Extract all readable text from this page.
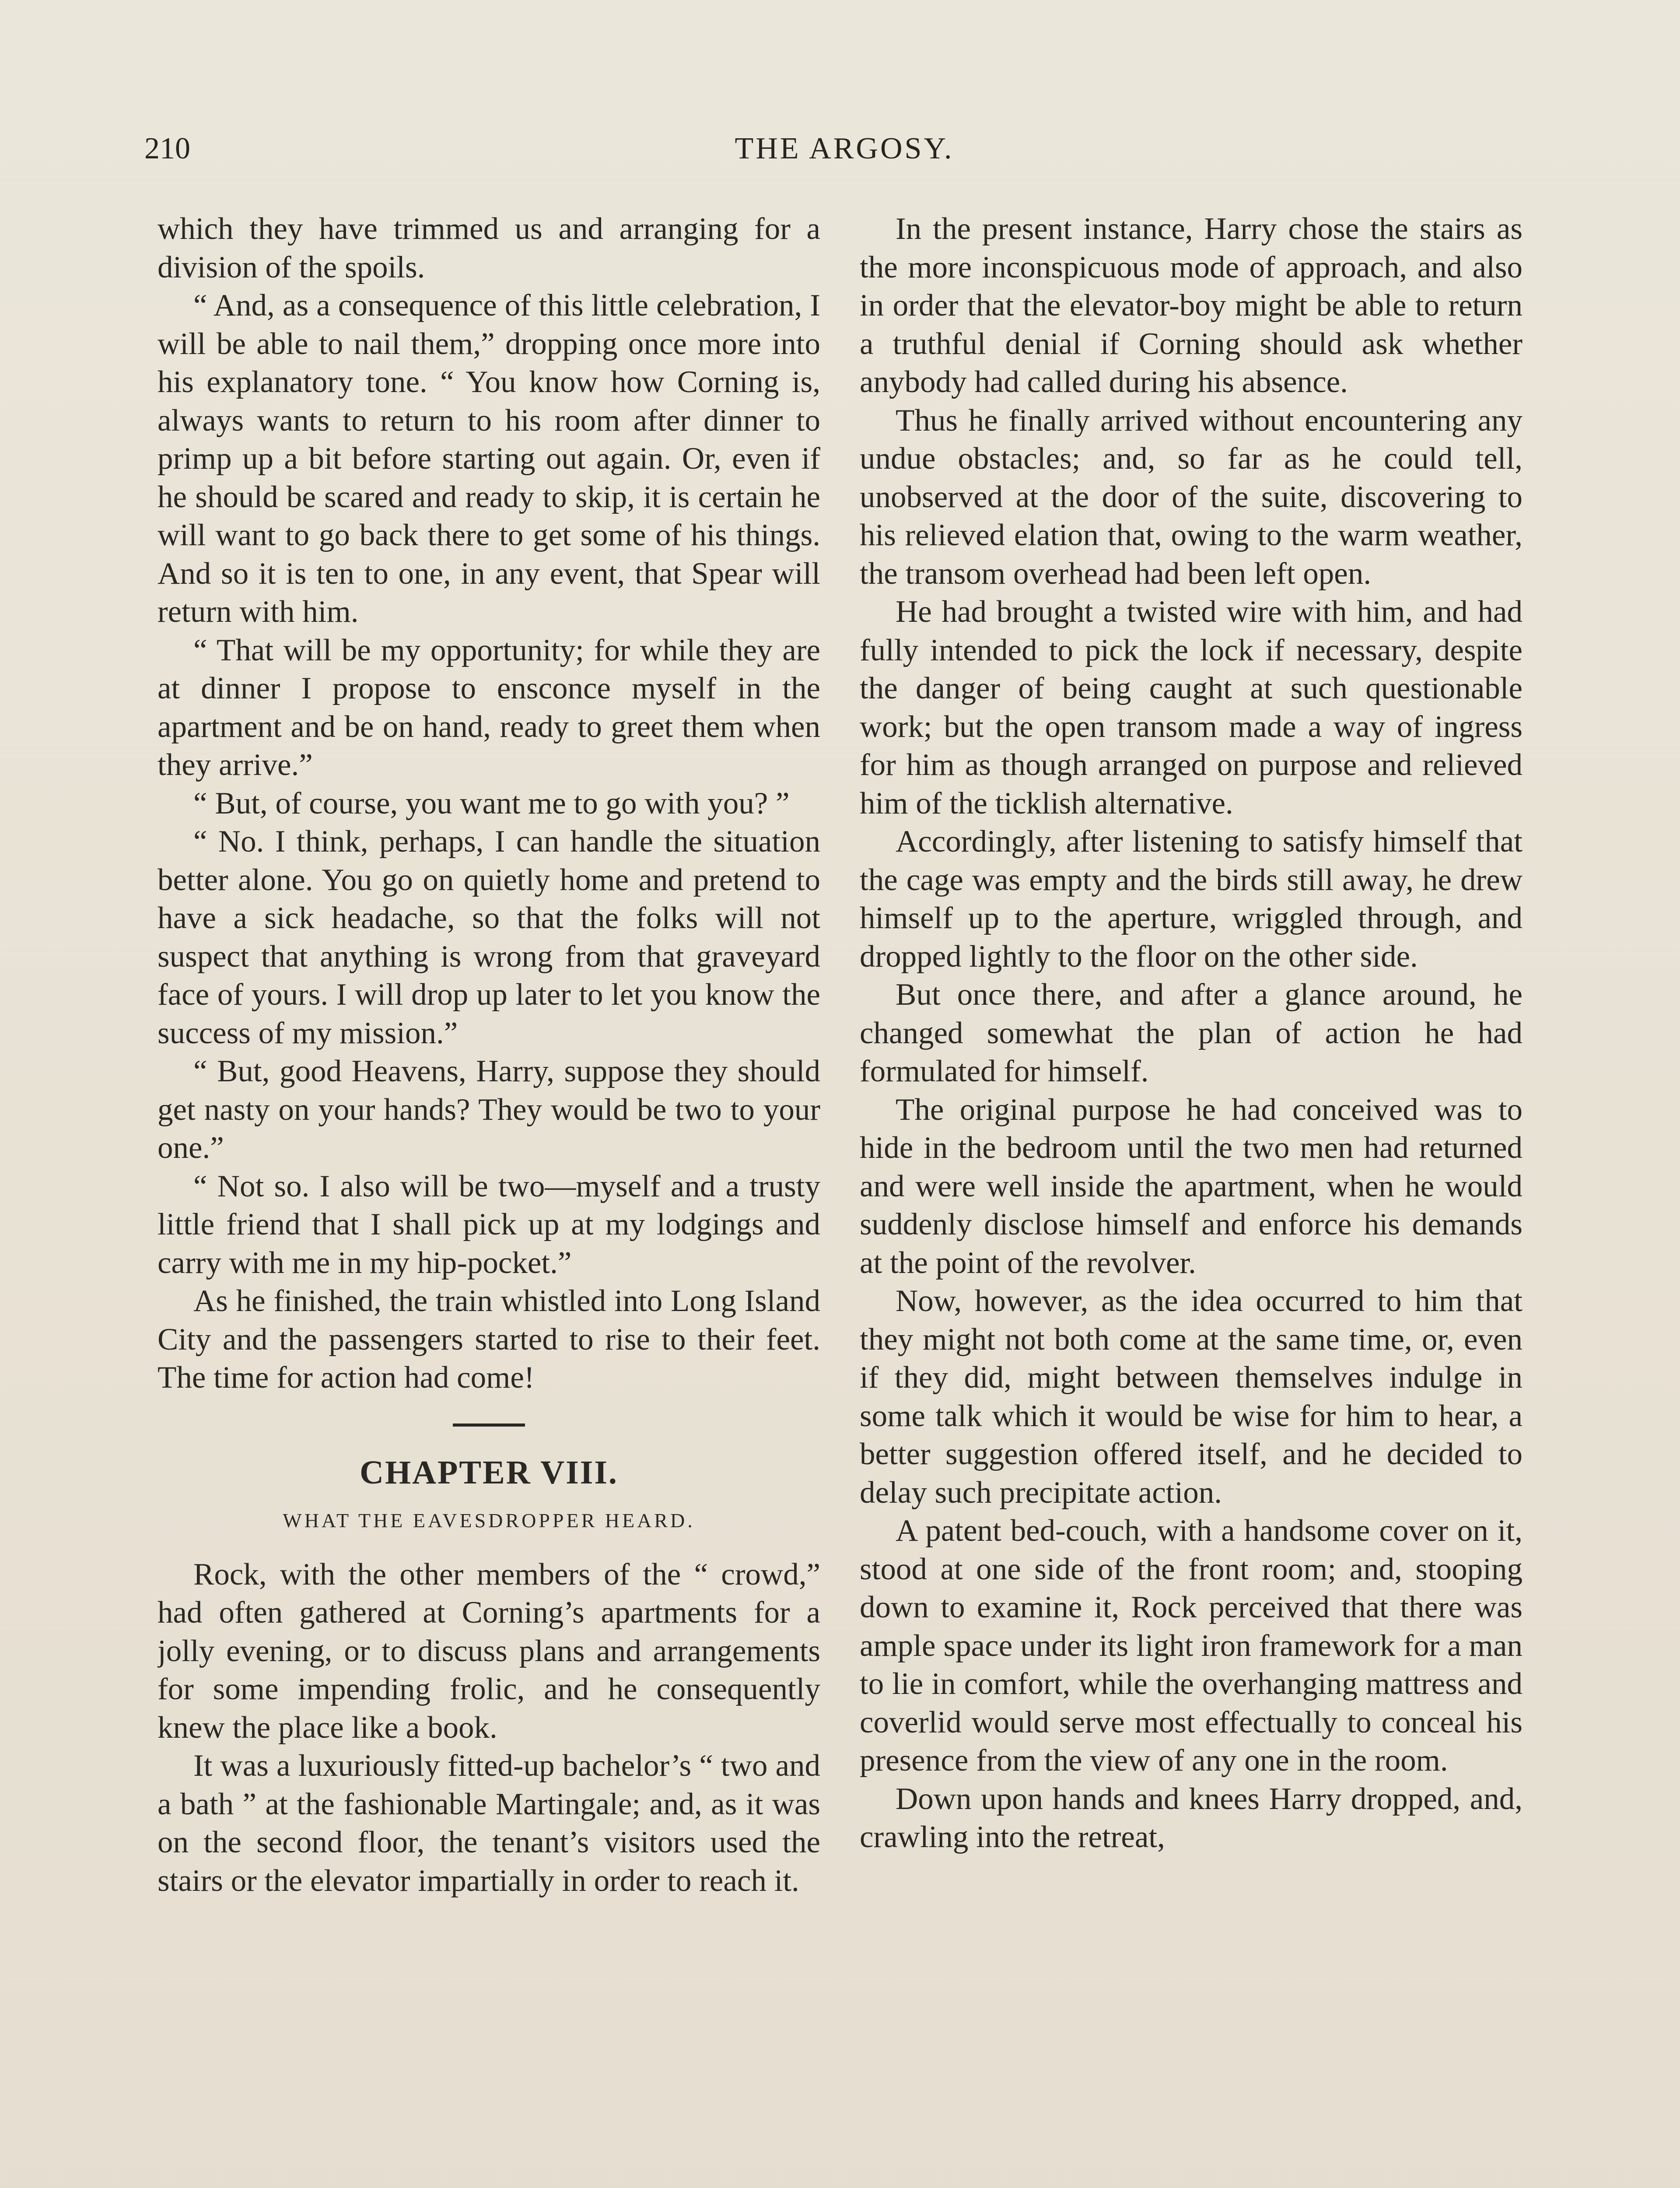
210	THE ARGOSY.

which they have trimmed us and arranging for a division of the spoils.

“ And, as a consequence of this little celebration, I will be able to nail them,” dropping once more into his explanatory tone. “ You know how Corning is, always wants to return to his room after dinner to primp up a bit before starting out again. Or, even if he should be scared and ready to skip, it is certain he will want to go back there to get some of his things. And so it is ten to one, in any event, that Spear will return with him.

“ That will be my opportunity; for while they are at dinner I propose to ensconce myself in the apartment and be on hand, ready to greet them when they arrive.”

“ But, of course, you want me to go with you? ”

“ No. I think, perhaps, I can handle the situation better alone. You go on quietly home and pretend to have a sick headache, so that the folks will not suspect that anything is wrong from that graveyard face of yours. I will drop up later to let you know the success of my mission.”

“ But, good Heavens, Harry, suppose they should get nasty on your hands? They would be two to your one.”

“ Not so. I also will be two—myself and a trusty little friend that I shall pick up at my lodgings and carry with me in my hip-pocket.”

As he finished, the train whistled into Long Island City and the passengers started to rise to their feet. The time for action had come!

CHAPTER VIII.
WHAT THE EAVESDROPPER HEARD.

Rock, with the other members of the “ crowd,” had often gathered at Corning’s apartments for a jolly evening, or to discuss plans and arrangements for some impending frolic, and he consequently knew the place like a book.

It was a luxuriously fitted-up bachelor’s “ two and a bath ” at the fashionable Martingale; and, as it was on the second floor, the tenant’s visitors used the stairs or the elevator impartially in order to reach it.

In the present instance, Harry chose the stairs as the more inconspicuous mode of approach, and also in order that the elevator-boy might be able to return a truthful denial if Corning should ask whether anybody had called during his absence.

Thus he finally arrived without encountering any undue obstacles; and, so far as he could tell, unobserved at the door of the suite, discovering to his relieved elation that, owing to the warm weather, the transom overhead had been left open.

He had brought a twisted wire with him, and had fully intended to pick the lock if necessary, despite the danger of being caught at such questionable work; but the open transom made a way of ingress for him as though arranged on purpose and relieved him of the ticklish alternative.

Accordingly, after listening to satisfy himself that the cage was empty and the birds still away, he drew himself up to the aperture, wriggled through, and dropped lightly to the floor on the other side.

But once there, and after a glance around, he changed somewhat the plan of action he had formulated for himself.

The original purpose he had conceived was to hide in the bedroom until the two men had returned and were well inside the apartment, when he would suddenly disclose himself and enforce his demands at the point of the revolver.

Now, however, as the idea occurred to him that they might not both come at the same time, or, even if they did, might between themselves indulge in some talk which it would be wise for him to hear, a better suggestion offered itself, and he decided to delay such precipitate action.

A patent bed-couch, with a handsome cover on it, stood at one side of the front room; and, stooping down to examine it, Rock perceived that there was ample space under its light iron framework for a man to lie in comfort, while the overhanging mattress and coverlid would serve most effectually to conceal his presence from the view of any one in the room.

Down upon hands and knees Harry dropped, and, crawling into the retreat,
